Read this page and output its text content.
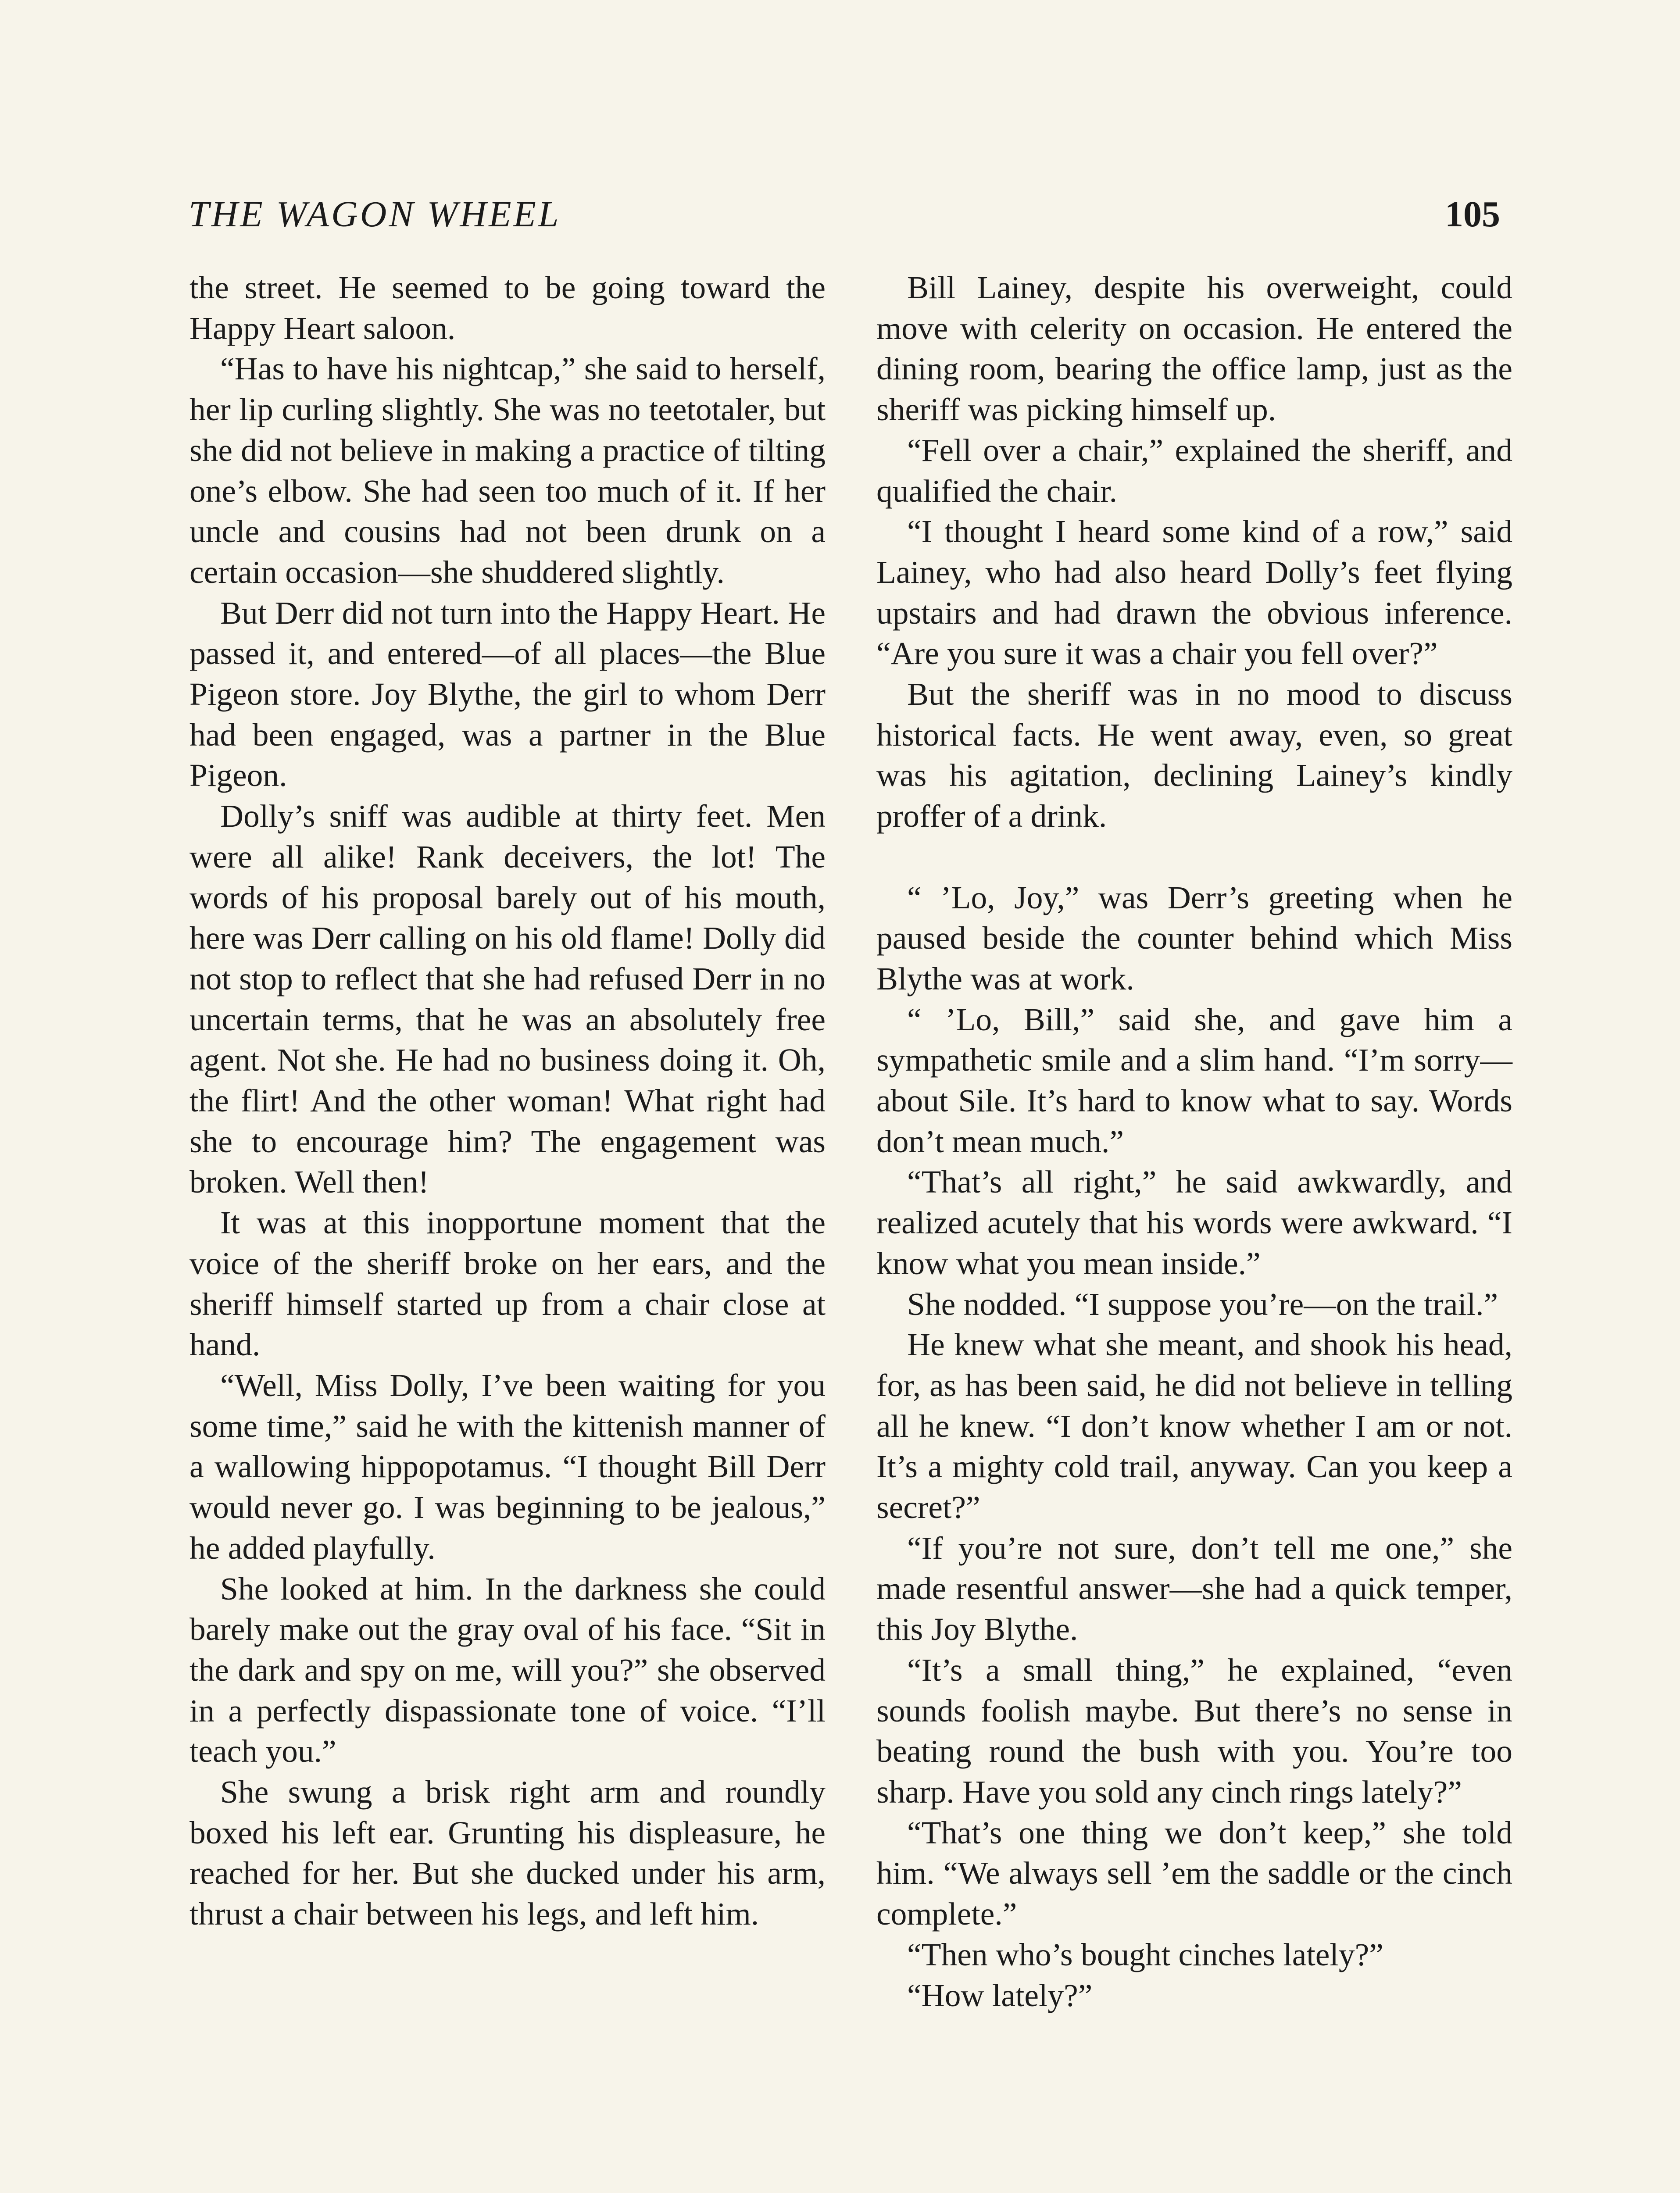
THE WAGON WHEEL	105

the street. He seemed to be going toward the Happy Heart saloon.

“Has to have his nightcap,” she said to herself, her lip curling slightly. She was no teetotaler, but she did not believe in making a practice of tilting one’s elbow. She had seen too much of it. If her uncle and cousins had not been drunk on a certain occasion—she shuddered slightly.

But Derr did not turn into the Happy Heart. He passed it, and entered—of all places—the Blue Pigeon store. Joy Blythe, the girl to whom Derr had been engaged, was a partner in the Blue Pigeon.

Dolly’s sniff was audible at thirty feet. Men were all alike! Rank deceivers, the lot! The words of his proposal barely out of his mouth, here was Derr calling on his old flame! Dolly did not stop to reflect that she had refused Derr in no uncertain terms, that he was an absolutely free agent. Not she. He had no business doing it. Oh, the flirt! And the other woman! What right had she to encourage him? The engagement was broken. Well then!

It was at this inopportune moment that the voice of the sheriff broke on her ears, and the sheriff himself started up from a chair close at hand.

“Well, Miss Dolly, I’ve been waiting for you some time,” said he with the kittenish manner of a wallowing hippopotamus. “I thought Bill Derr would never go. I was beginning to be jealous,” he added playfully.

She looked at him. In the darkness she could barely make out the gray oval of his face. “Sit in the dark and spy on me, will you?” she observed in a perfectly dispassionate tone of voice. “I’ll teach you.”

She swung a brisk right arm and roundly boxed his left ear. Grunting his displeasure, he reached for her. But she ducked under his arm, thrust a chair between his legs, and left him.

Bill Lainey, despite his overweight, could move with celerity on occasion. He entered the dining room, bearing the office lamp, just as the sheriff was picking himself up.

“Fell over a chair,” explained the sheriff, and qualified the chair.

“I thought I heard some kind of a row,” said Lainey, who had also heard Dolly’s feet flying upstairs and had drawn the obvious inference. “Are you sure it was a chair you fell over?”

But the sheriff was in no mood to discuss historical facts. He went away, even, so great was his agitation, declining Lainey’s kindly proffer of a drink.

“ ’Lo, Joy,” was Derr’s greeting when he paused beside the counter behind which Miss Blythe was at work.

“ ’Lo, Bill,” said she, and gave him a sympathetic smile and a slim hand. “I’m sorry—about Sile. It’s hard to know what to say. Words don’t mean much.”

“That’s all right,” he said awkwardly, and realized acutely that his words were awkward. “I know what you mean inside.”

She nodded. “I suppose you’re—on the trail.”

He knew what she meant, and shook his head, for, as has been said, he did not believe in telling all he knew. “I don’t know whether I am or not. It’s a mighty cold trail, anyway. Can you keep a secret?”

“If you’re not sure, don’t tell me one,” she made resentful answer—she had a quick temper, this Joy Blythe.

“It’s a small thing,” he explained, “even sounds foolish maybe. But there’s no sense in beating round the bush with you. You’re too sharp. Have you sold any cinch rings lately?”

“That’s one thing we don’t keep,” she told him. “We always sell ’em the saddle or the cinch complete.”

“Then who’s bought cinches lately?”

“How lately?”
